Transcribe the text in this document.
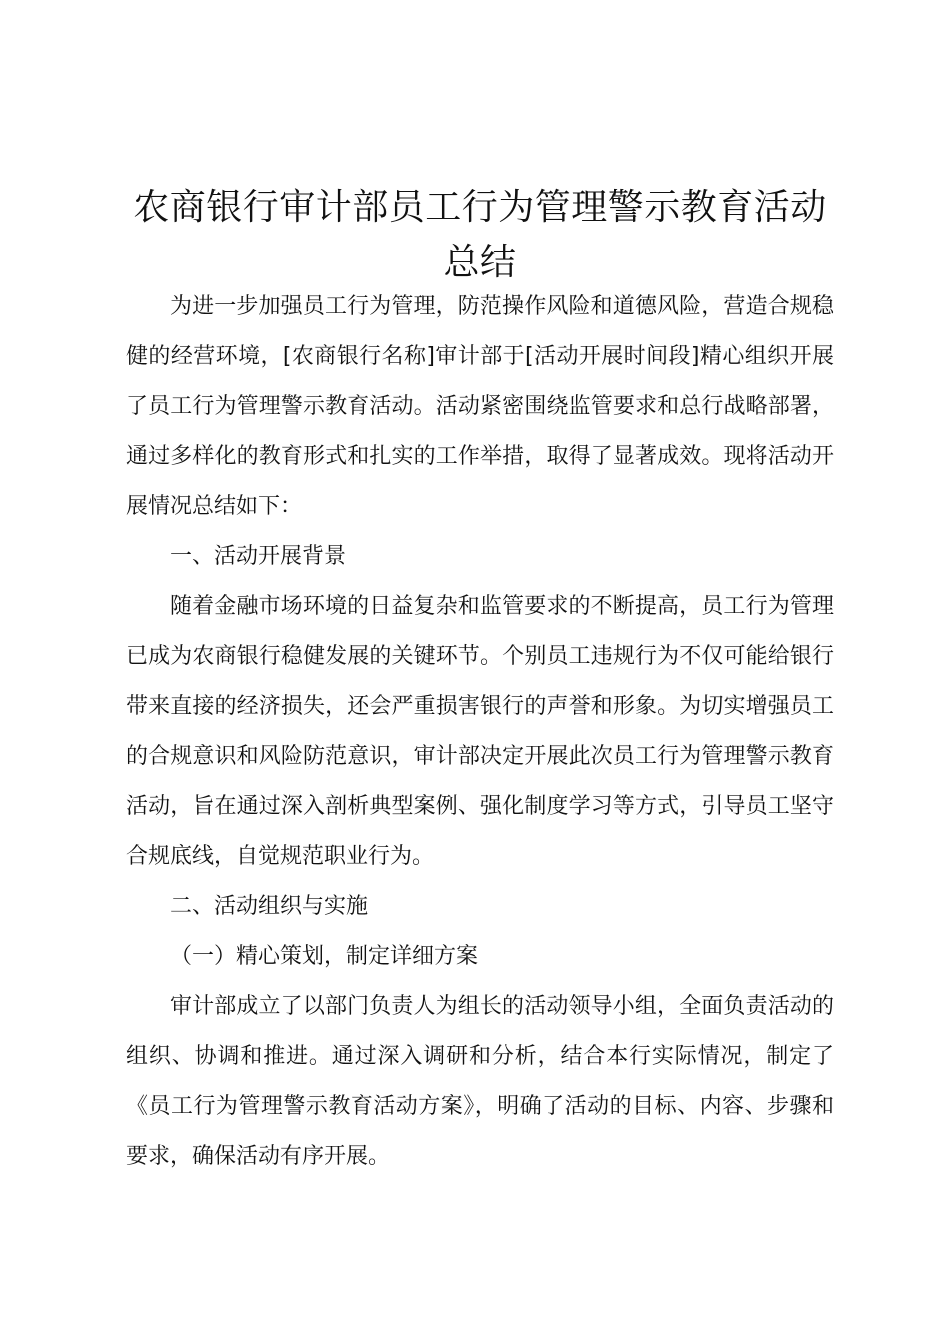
农商银行审计部员工行为管理警示教育活动总结

为进一步加强员工行为管理，防范操作风险和道德风险，营造合规稳健的经营环境，[农商银行名称]审计部于[活动开展时间段]精心组织开展了员工行为管理警示教育活动。活动紧密围绕监管要求和总行战略部署，通过多样化的教育形式和扎实的工作举措，取得了显著成效。现将活动开展情况总结如下：

一、活动开展背景

随着金融市场环境的日益复杂和监管要求的不断提高，员工行为管理已成为农商银行稳健发展的关键环节。个别员工违规行为不仅可能给银行带来直接的经济损失，还会严重损害银行的声誉和形象。为切实增强员工的合规意识和风险防范意识，审计部决定开展此次员工行为管理警示教育活动，旨在通过深入剖析典型案例、强化制度学习等方式，引导员工坚守合规底线，自觉规范职业行为。

二、活动组织与实施

（一）精心策划，制定详细方案

审计部成立了以部门负责人为组长的活动领导小组，全面负责活动的组织、协调和推进。通过深入调研和分析，结合本行实际情况，制定了《员工行为管理警示教育活动方案》，明确了活动的目标、内容、步骤和要求，确保活动有序开展。
